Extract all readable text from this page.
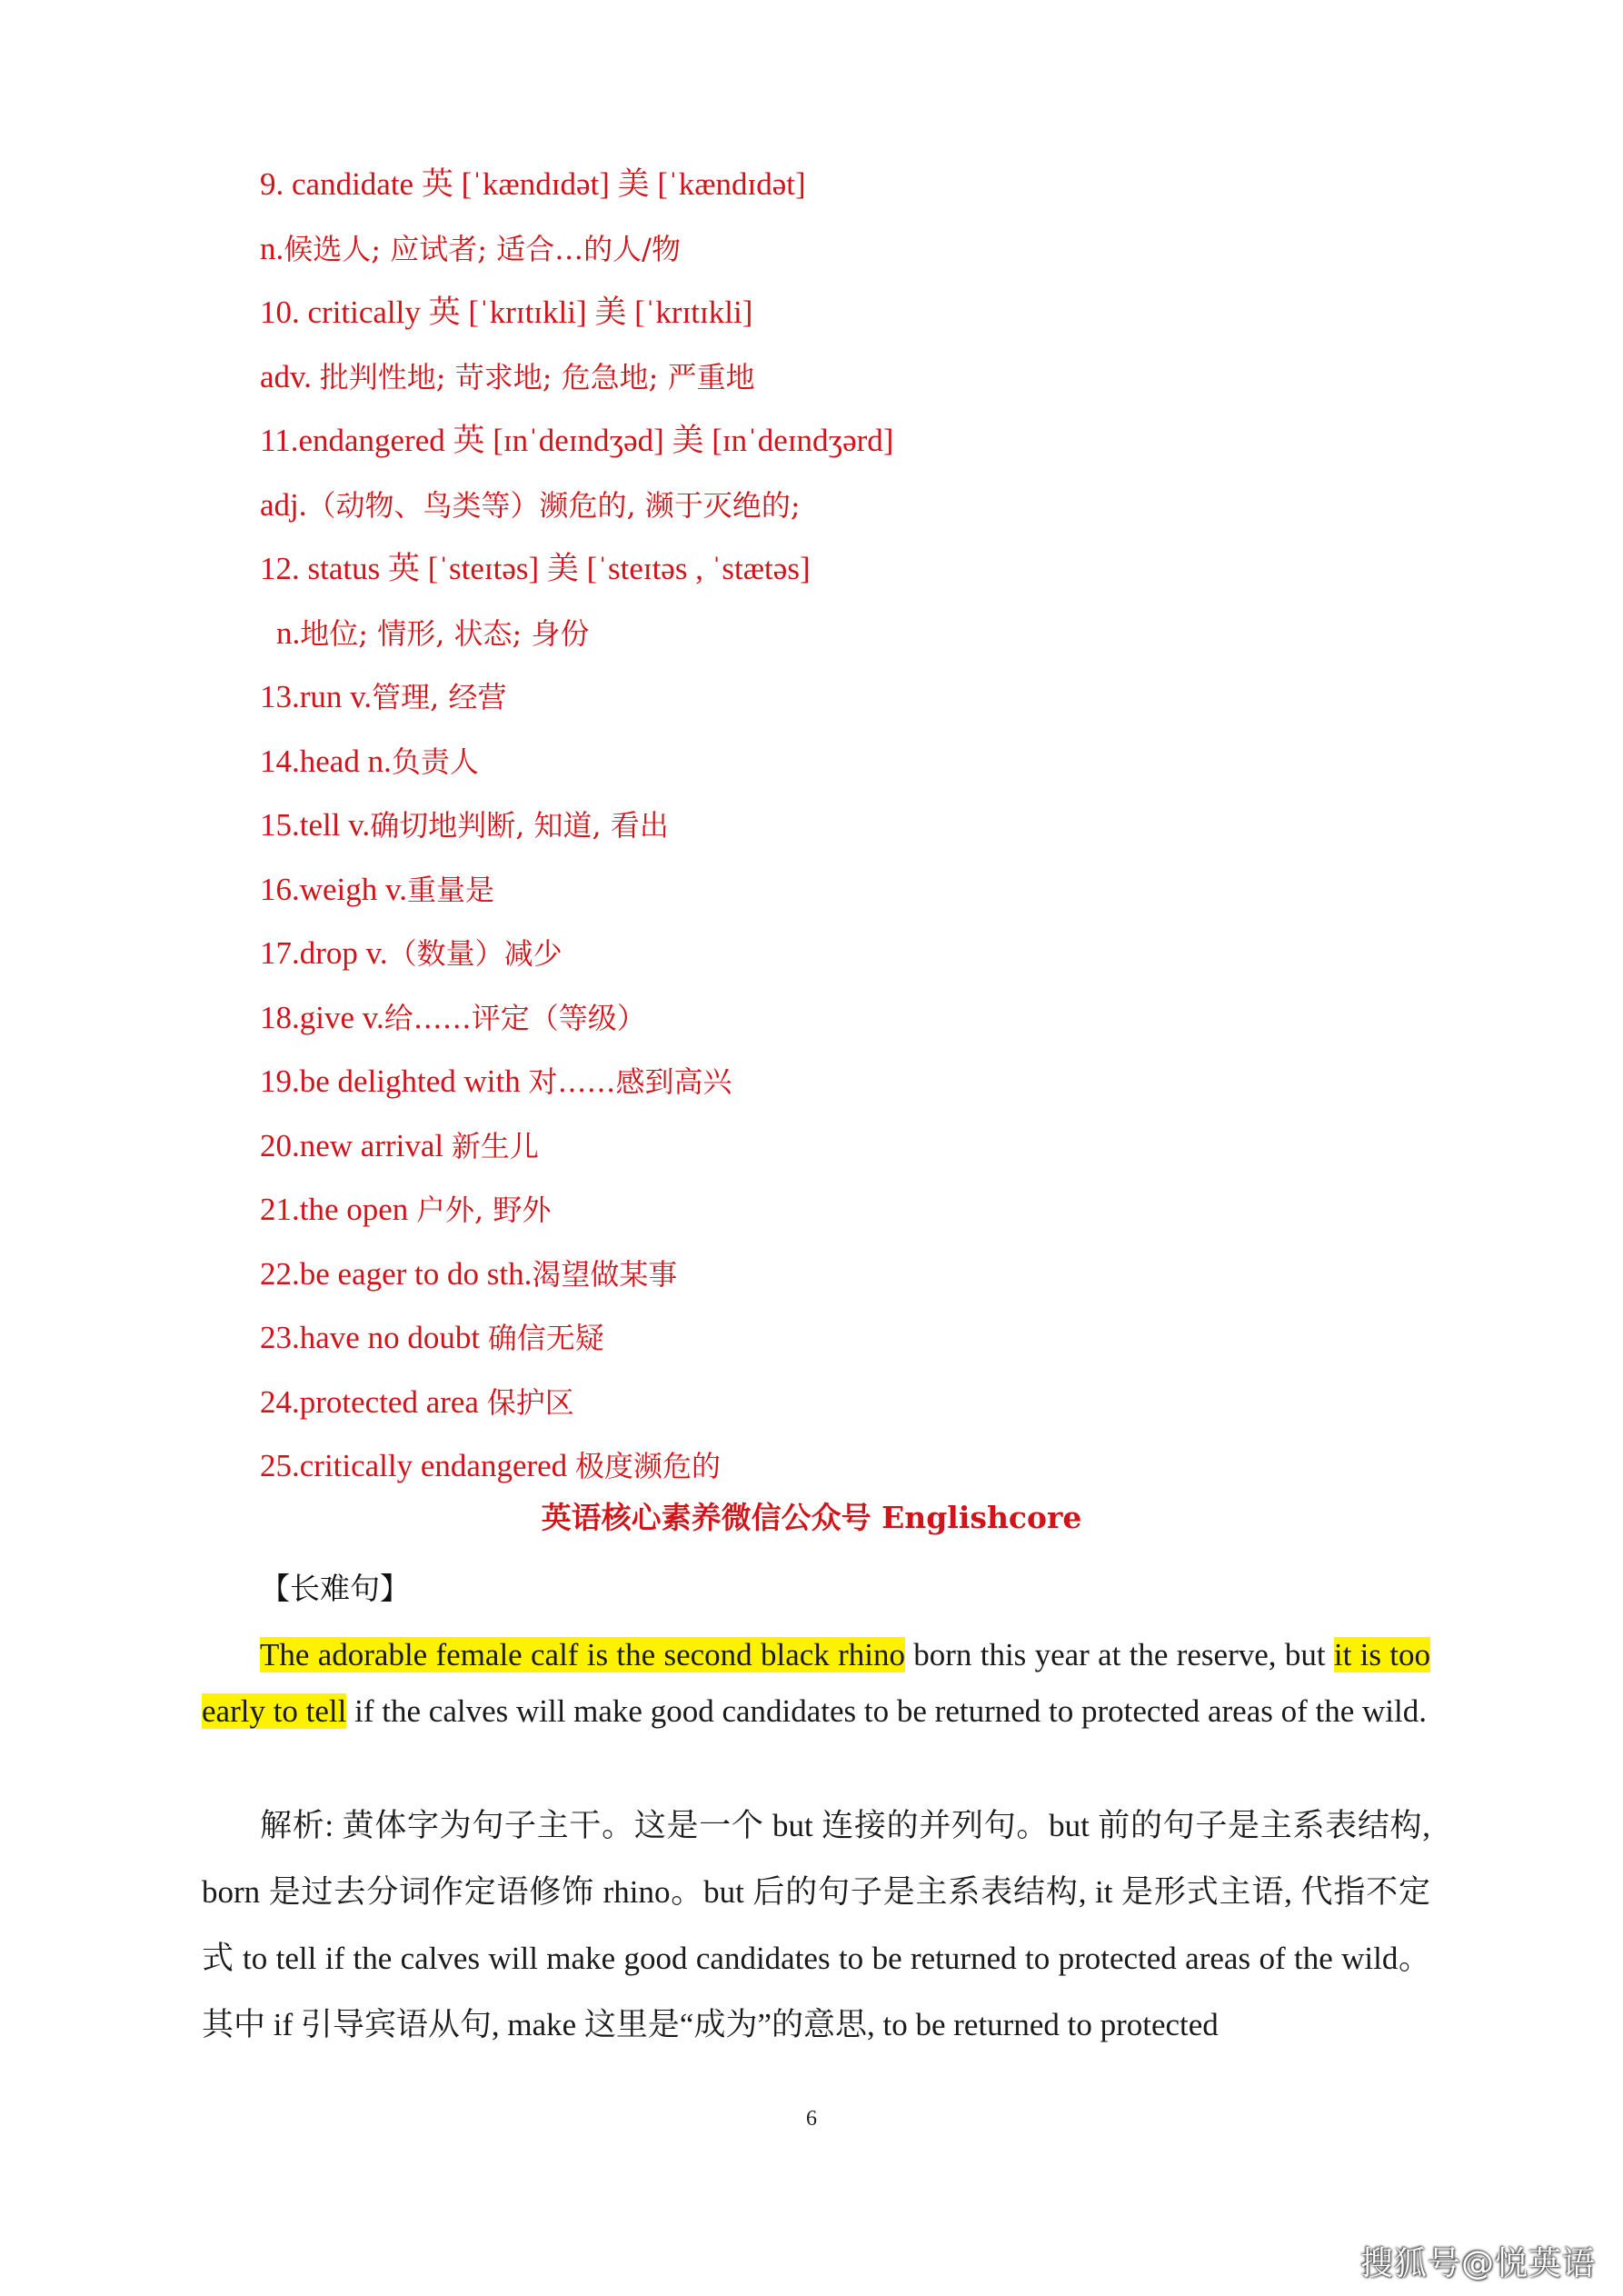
9. candidate 英 [ˈkændɪdət] 美 [ˈkændɪdət]
n.候选人; 应试者; 适合…的人/物
10. critically 英 [ˈkrɪtɪkli] 美 [ˈkrɪtɪkli]
adv. 批判性地; 苛求地; 危急地; 严重地
11.endangered 英 [ɪnˈdeɪndʒəd] 美 [ɪnˈdeɪndʒərd]
adj.（动物、鸟类等）濒危的, 濒于灭绝的;
12. status 英 [ˈsteɪtəs] 美 [ˈsteɪtəs , ˈstætəs]
n.地位; 情形, 状态; 身份
13.run v.管理, 经营
14.head n.负责人
15.tell v.确切地判断, 知道, 看出
16.weigh v.重量是
17.drop v.（数量）减少
18.give v.给……评定（等级）
19.be delighted with 对……感到高兴
20.new arrival 新生儿
21.the open 户外, 野外
22.be eager to do sth.渴望做某事
23.have no doubt 确信无疑
24.protected area 保护区
25.critically endangered 极度濒危的
英语核心素养微信公众号 Englishcore
【长难句】

The adorable female calf is the second black rhino born this year at the reserve, but it is too early to tell if the calves will make good candidates to be returned to protected areas of the wild.

解析: 黄体字为句子主干。这是一个 but 连接的并列句。but 前的句子是主系表结构, born 是过去分词作定语修饰 rhino。but 后的句子是主系表结构, it 是形式主语, 代指不定式 to tell if the calves will make good candidates to be returned to protected areas of the wild。其中 if 引导宾语从句, make 这里是“成为”的意思, to be returned to protected

6
搜狐号@悦英语
